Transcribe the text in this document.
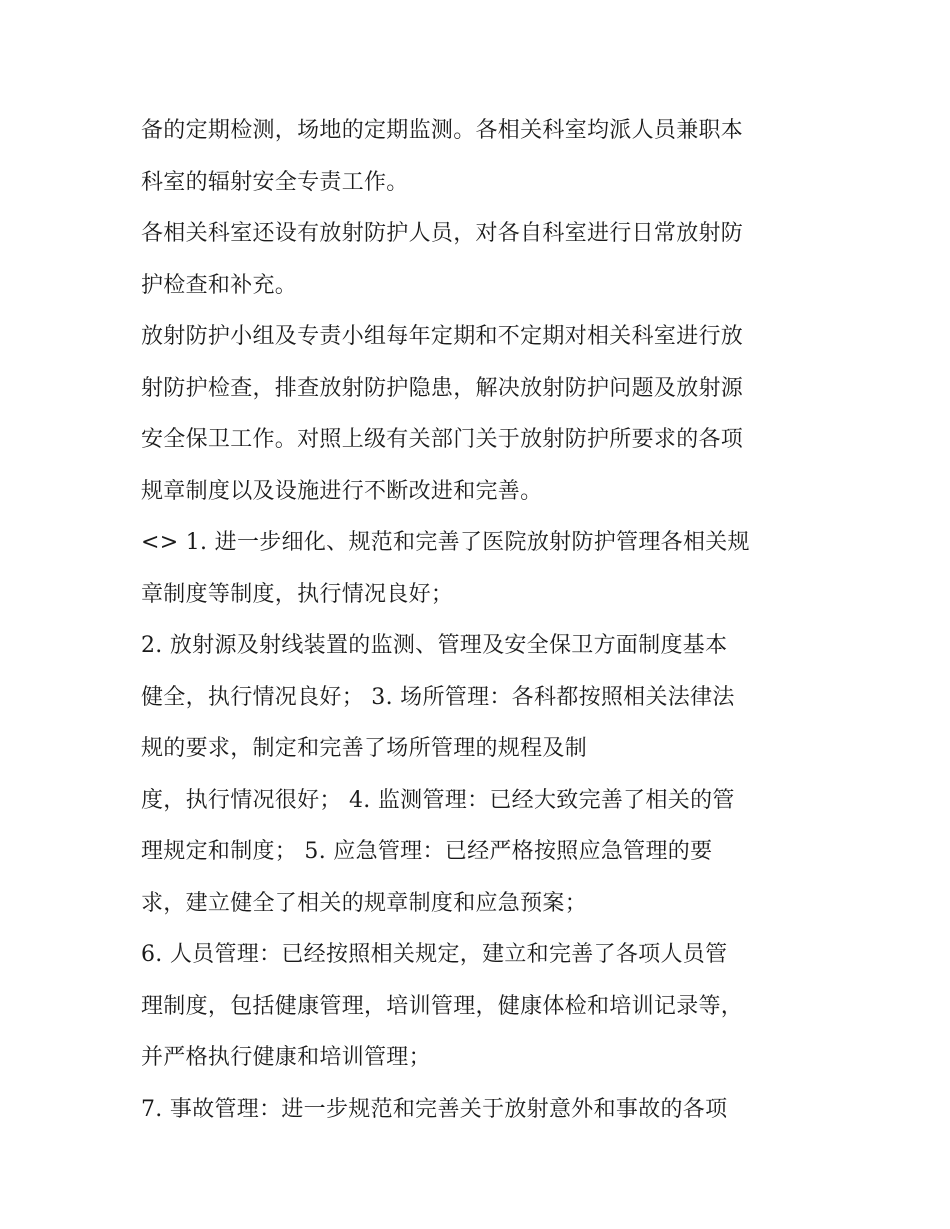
备的定期检测，场地的定期监测。各相关科室均派人员兼职本
科室的辐射安全专责工作。
各相关科室还设有放射防护人员，对各自科室进行日常放射防
护检查和补充。
放射防护小组及专责小组每年定期和不定期对相关科室进行放
射防护检查，排查放射防护隐患，解决放射防护问题及放射源
安全保卫工作。对照上级有关部门关于放射防护所要求的各项
规章制度以及设施进行不断改进和完善。
<> 1. 进一步细化、规范和完善了医院放射防护管理各相关规
章制度等制度，执行情况良好；
2. 放射源及射线装置的监测、管理及安全保卫方面制度基本
健全，执行情况良好； 3. 场所管理：各科都按照相关法律法
规的要求，制定和完善了场所管理的规程及制
度，执行情况很好； 4. 监测管理：已经大致完善了相关的管
理规定和制度； 5. 应急管理：已经严格按照应急管理的要
求，建立健全了相关的规章制度和应急预案；
6. 人员管理：已经按照相关规定，建立和完善了各项人员管
理制度，包括健康管理，培训管理，健康体检和培训记录等，
并严格执行健康和培训管理；
7. 事故管理：进一步规范和完善关于放射意外和事故的各项
